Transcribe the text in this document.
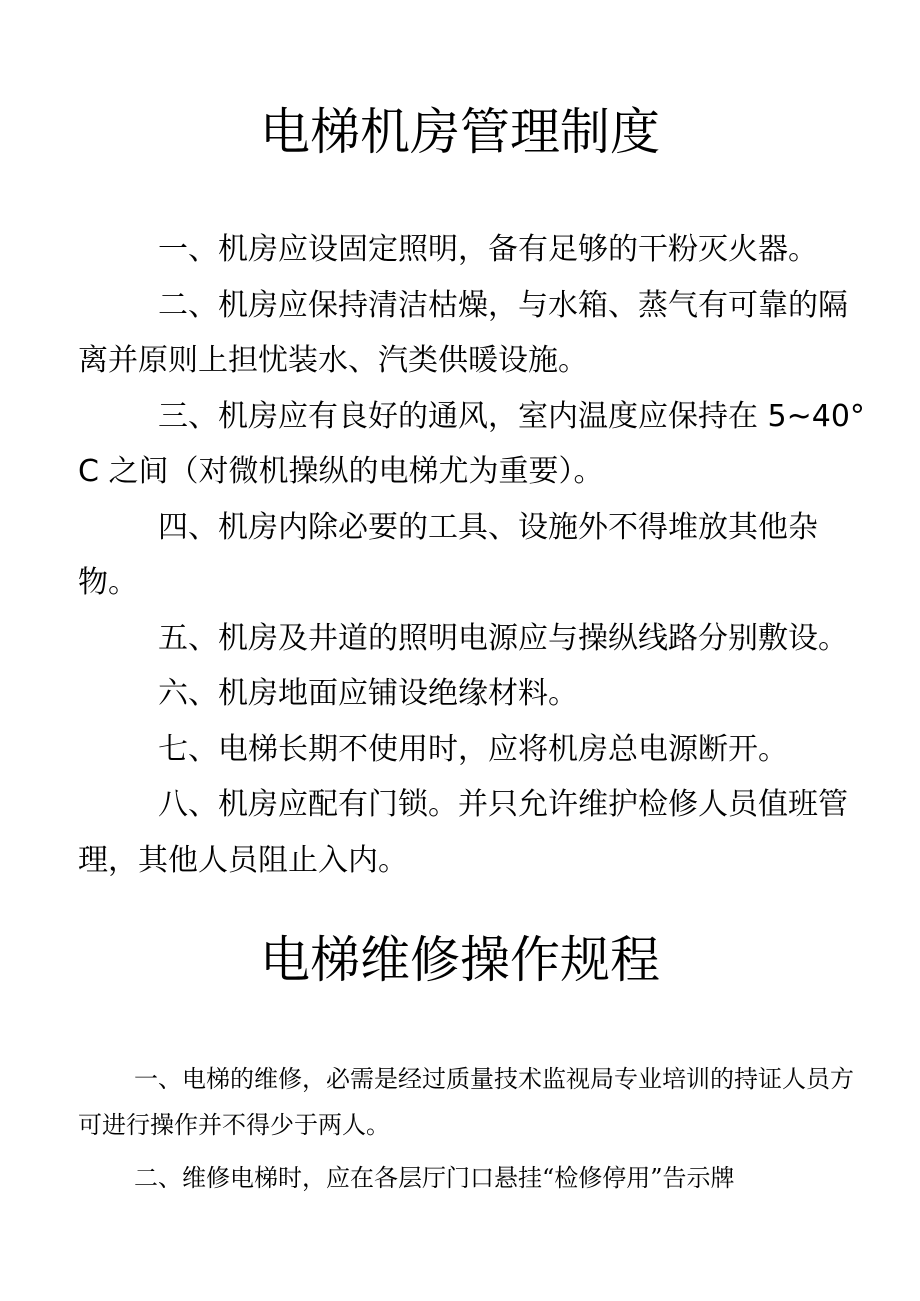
电梯机房管理制度

一、机房应设固定照明，备有足够的干粉灭火器。

二、机房应保持清洁枯燥，与水箱、蒸气有可靠的隔离并原则上担忧装水、汽类供暖设施。

三、机房应有良好的通风，室内温度应保持在 5~40°C 之间（对微机操纵的电梯尤为重要）。

四、机房内除必要的工具、设施外不得堆放其他杂物。

五、机房及井道的照明电源应与操纵线路分别敷设。

六、机房地面应铺设绝缘材料。

七、电梯长期不使用时，应将机房总电源断开。

八、机房应配有门锁。并只允许维护检修人员值班管理，其他人员阻止入内。

电梯维修操作规程

一、电梯的维修，必需是经过质量技术监视局专业培训的持证人员方可进行操作并不得少于两人。

二、维修电梯时，应在各层厅门口悬挂“检修停用”告示牌
